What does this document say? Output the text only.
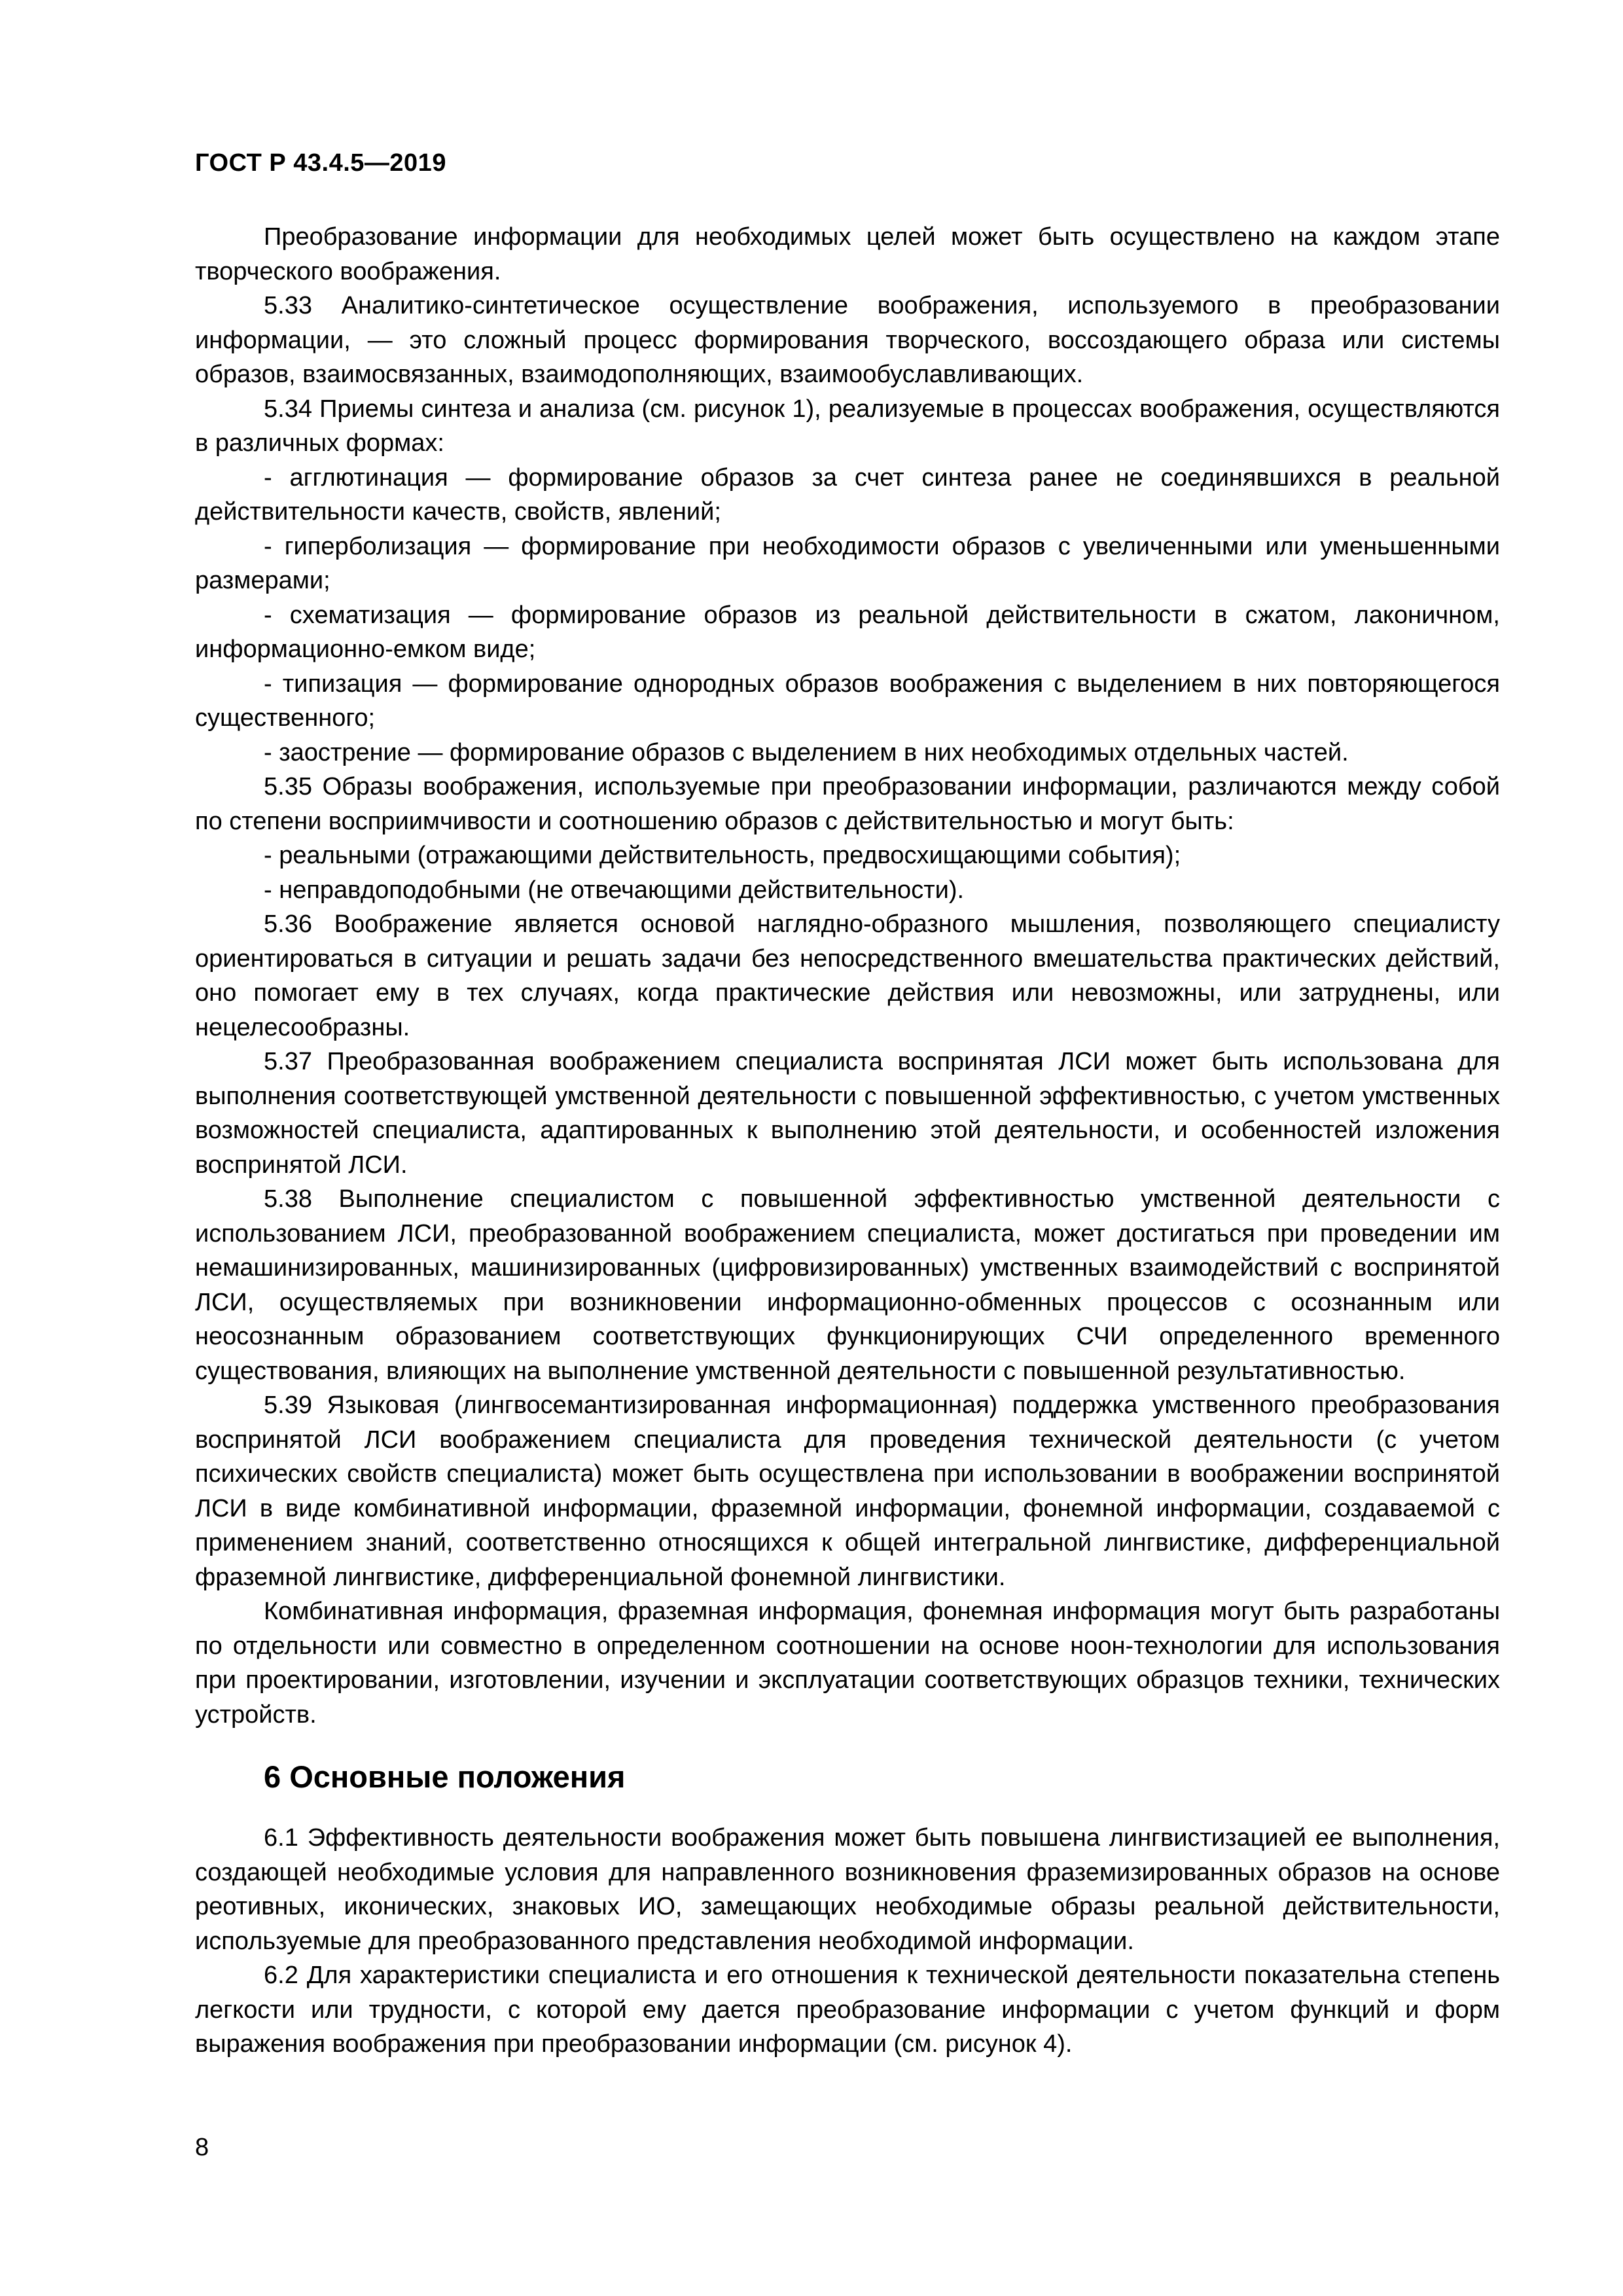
ГОСТ Р 43.4.5—2019

Преобразование информации для необходимых целей может быть осуществлено на каждом этапе творческого воображения.

5.33 Аналитико-синтетическое осуществление воображения, используемого в преобразовании информации, — это сложный процесс формирования творческого, воссоздающего образа или системы образов, взаимосвязанных, взаимодополняющих, взаимообуславливающих.

5.34 Приемы синтеза и анализа (см. рисунок 1), реализуемые в процессах воображения, осуществляются в различных формах:

- агглютинация — формирование образов за счет синтеза ранее не соединявшихся в реальной действительности качеств, свойств, явлений;

- гиперболизация — формирование при необходимости образов с увеличенными или уменьшенными размерами;

- схематизация — формирование образов из реальной действительности в сжатом, лаконичном, информационно-емком виде;

- типизация — формирование однородных образов воображения с выделением в них повторяющегося существенного;

- заострение — формирование образов с выделением в них необходимых отдельных частей.

5.35 Образы воображения, используемые при преобразовании информации, различаются между собой по степени восприимчивости и соотношению образов с действительностью и могут быть:

- реальными (отражающими действительность, предвосхищающими события);

- неправдоподобными (не отвечающими действительности).

5.36 Воображение является основой наглядно-образного мышления, позволяющего специалисту ориентироваться в ситуации и решать задачи без непосредственного вмешательства практических действий, оно помогает ему в тех случаях, когда практические действия или невозможны, или затруднены, или нецелесообразны.

5.37 Преобразованная воображением специалиста воспринятая ЛСИ может быть использована для выполнения соответствующей умственной деятельности с повышенной эффективностью, с учетом умственных возможностей специалиста, адаптированных к выполнению этой деятельности, и особенностей изложения воспринятой ЛСИ.

5.38 Выполнение специалистом с повышенной эффективностью умственной деятельности с использованием ЛСИ, преобразованной воображением специалиста, может достигаться при проведении им немашинизированных, машинизированных (цифровизированных) умственных взаимодействий с воспринятой ЛСИ, осуществляемых при возникновении информационно-обменных процессов с осознанным или неосознанным образованием соответствующих функционирующих СЧИ определенного временного существования, влияющих на выполнение умственной деятельности с повышенной результативностью.

5.39 Языковая (лингвосемантизированная информационная) поддержка умственного преобразования воспринятой ЛСИ воображением специалиста для проведения технической деятельности (с учетом психических свойств специалиста) может быть осуществлена при использовании в воображении воспринятой ЛСИ в виде комбинативной информации, фраземной информации, фонемной информации, создаваемой с применением знаний, соответственно относящихся к общей интегральной лингвистике, дифференциальной фраземной лингвистике, дифференциальной фонемной лингвистики.

Комбинативная информация, фраземная информация, фонемная информация могут быть разработаны по отдельности или совместно в определенном соотношении на основе ноон-технологии для использования при проектировании, изготовлении, изучении и эксплуатации соответствующих образцов техники, технических устройств.

6 Основные положения

6.1 Эффективность деятельности воображения может быть повышена лингвистизацией ее выполнения, создающей необходимые условия для направленного возникновения фраземизированных образов на основе реотивных, иконических, знаковых ИО, замещающих необходимые образы реальной действительности, используемые для преобразованного представления необходимой информации.

6.2 Для характеристики специалиста и его отношения к технической деятельности показательна степень легкости или трудности, с которой ему дается преобразование информации с учетом функций и форм выражения воображения при преобразовании информации (см. рисунок 4).

8
